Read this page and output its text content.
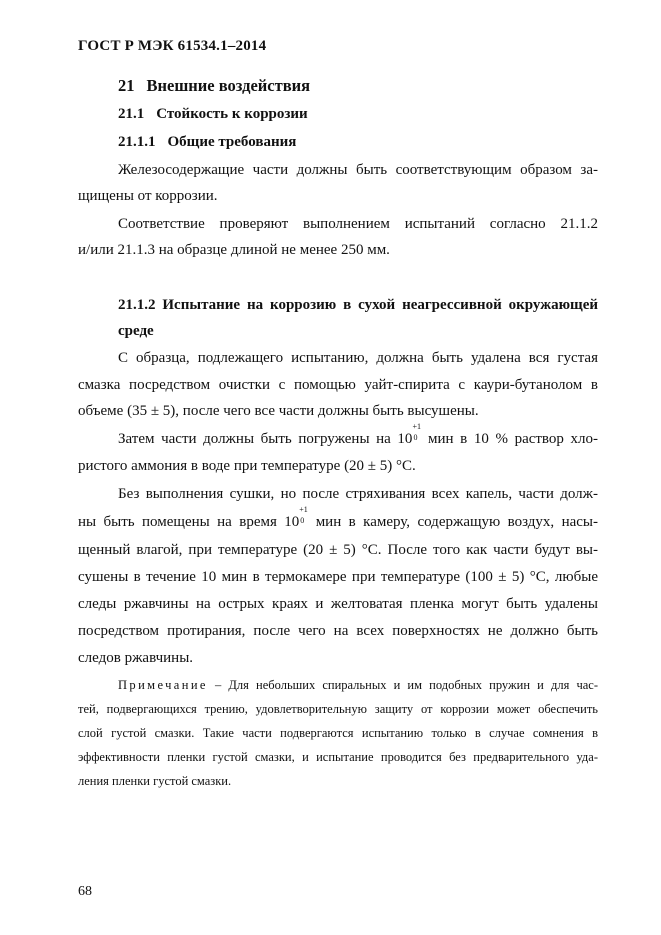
ГОСТ Р МЭК 61534.1–2014
21 Внешние воздействия
21.1 Стойкость к коррозии
21.1.1 Общие требования
Железосодержащие части должны быть соответствующим образом за-
щищены от коррозии.
Соответствие проверяют выполнением испытаний согласно 21.1.2
и/или 21.1.3 на образце длиной не менее 250 мм.
21.1.2 Испытание на коррозию в сухой неагрессивной окружающей
среде
С образца, подлежащего испытанию, должна быть удалена вся густая
смазка посредством очистки с помощью уайт-спирита с каури-бутанолом в
объеме (35 ± 5), после чего все части должны быть высушены.
Затем части должны быть погружены на 10
+1
0 мин в 10 % раствор хло-
ристого аммония в воде при температуре (20 ± 5) °С.
Без выполнения сушки, но после стряхивания всех капель, части долж-
ны быть помещены на время 10
+1
0 мин в камеру, содержащую воздух, насы-
щенный влагой, при температуре (20 ± 5) °С. После того как части будут вы-
сушены в течение 10 мин в термокамере при температуре (100 ± 5) °С, любые
следы ржавчины на острых краях и желтоватая пленка могут быть удалены
посредством протирания, после чего на всех поверхностях не должно быть
следов ржавчины.
Примечание – Для небольших спиральных и им подобных пружин и для час-
тей, подвергающихся трению, удовлетворительную защиту от коррозии может обеспечить
слой густой смазки. Такие части подвергаются испытанию только в случае сомнения в
эффективности пленки густой смазки, и испытание проводится без предварительного уда-
ления пленки густой смазки.
68
